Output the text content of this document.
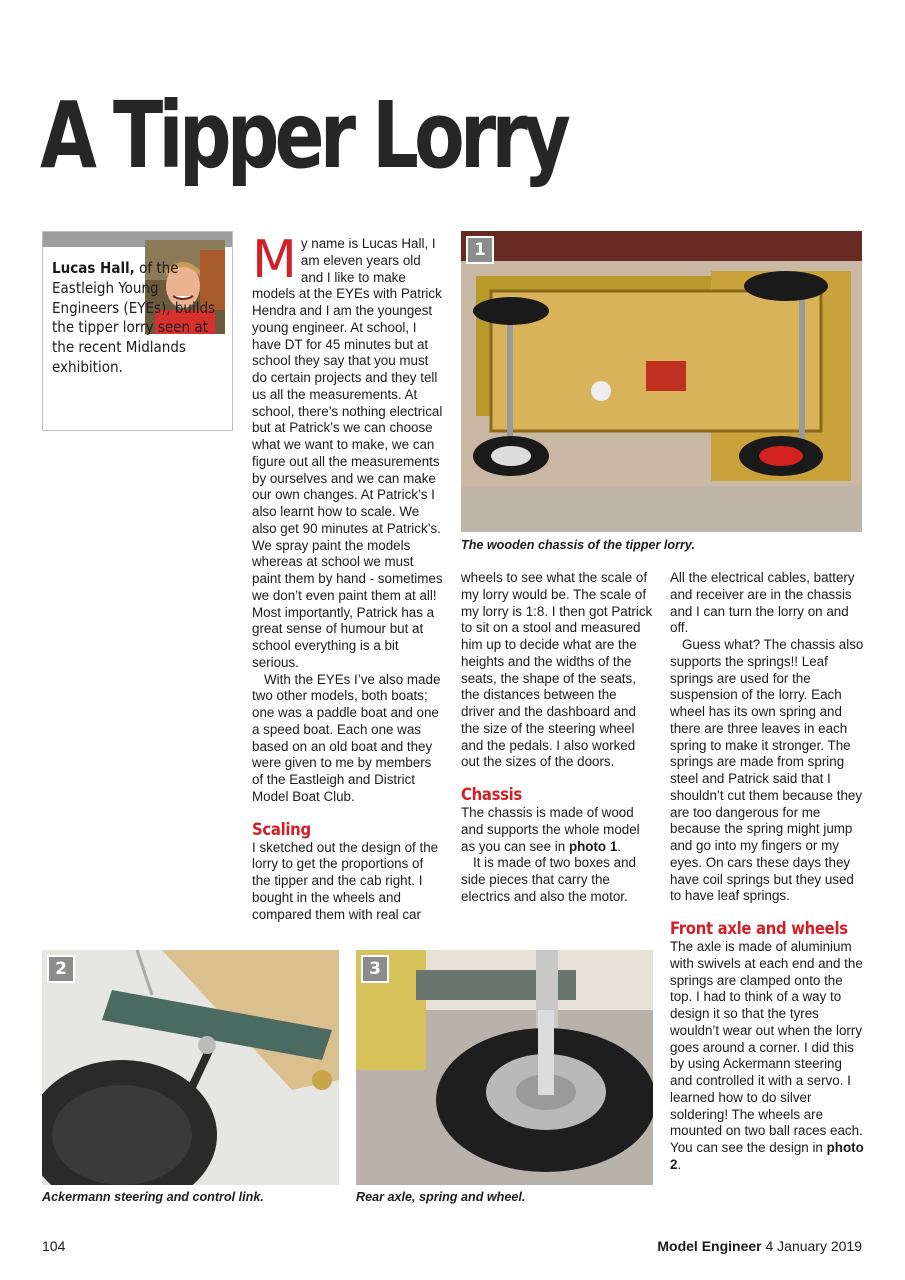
A Tipper Lorry
Lucas Hall, of the Eastleigh Young Engineers (EYEs), builds the tipper lorry seen at the recent Midlands exhibition.

My name is Lucas Hall, I am eleven years old and I like to make models at the EYEs with Patrick Hendra and I am the youngest young engineer. At school, I have DT for 45 minutes but at school they say that you must do certain projects and they tell us all the measurements. At school, there’s nothing electrical but at Patrick’s we can choose what we want to make, we can figure out all the measurements by ourselves and we can make our own changes. At Patrick’s I also learnt how to scale. We also get 90 minutes at Patrick’s. We spray paint the models whereas at school we must paint them by hand - sometimes we don’t even paint them at all! Most importantly, Patrick has a great sense of humour but at school everything is a bit serious.

With the EYEs I’ve also made two other models, both boats; one was a paddle boat and one a speed boat. Each one was based on an old boat and they were given to me by members of the Eastleigh and District Model Boat Club.

Scaling

I sketched out the design of the lorry to get the proportions of the tipper and the cab right. I bought in the wheels and compared them with real car

1
The wooden chassis of the tipper lorry.

wheels to see what the scale of my lorry would be. The scale of my lorry is 1:8. I then got Patrick to sit on a stool and measured him up to decide what are the heights and the widths of the seats, the shape of the seats, the distances between the driver and the dashboard and the size of the steering wheel and the pedals. I also worked out the sizes of the doors.

Chassis

The chassis is made of wood and supports the whole model as you can see in photo 1.

It is made of two boxes and side pieces that carry the electrics and also the motor.

All the electrical cables, battery and receiver are in the chassis and I can turn the lorry on and off.

Guess what? The chassis also supports the springs!! Leaf springs are used for the suspension of the lorry. Each wheel has its own spring and there are three leaves in each spring to make it stronger. The springs are made from spring steel and Patrick said that I shouldn’t cut them because they are too dangerous for me because the spring might jump and go into my fingers or my eyes. On cars these days they have coil springs but they used to have leaf springs.

Front axle and wheels

The axle is made of aluminium with swivels at each end and the springs are clamped onto the top. I had to think of a way to design it so that the tyres wouldn’t wear out when the lorry goes around a corner. I did this by using Ackermann steering and controlled it with a servo. I learned how to do silver soldering! The wheels are mounted on two ball races each. You can see the design in photo 2.

2
Ackermann steering and control link.
3
Rear axle, spring and wheel.
104	Model Engineer 4 January 2019
